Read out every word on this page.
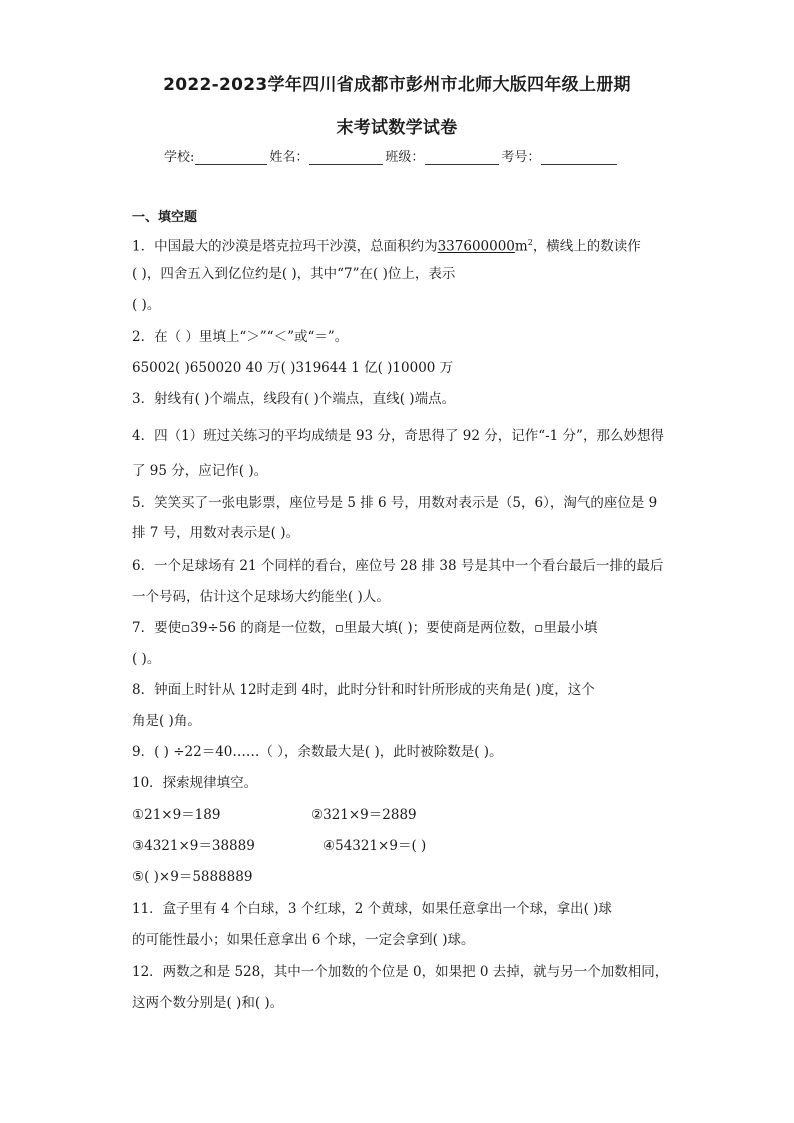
2022-2023学年四川省成都市彭州市北师大版四年级上册期
末考试数学试卷
学校:	姓名：	班级：	考号：
一、填空题
1．中国最大的沙漠是塔克拉玛干沙漠，总面积约为$337600000m^2$，横线上的数读作
( )，四舍五入到亿位约是( )，其中“7”在( )位上，表示
( )。
2．在（ ）里填上“＞”“＜”或“＝”。
65002( )650020 40 万( )319644 1 亿( )10000 万
3．射线有( )个端点，线段有( )个端点，直线( )端点。
4．四（1）班过关练习的平均成绩是 93 分，奇思得了 92 分，记作“-1 分”，那么妙想得
了 95 分，应记作( )。
5．笑笑买了一张电影票，座位号是 5 排 6 号，用数对表示是（5，6），淘气的座位是 9
排 7 号，用数对表示是( )。
6．一个足球场有 21 个同样的看台，座位号 28 排 38 号是其中一个看台最后一排的最后
一个号码，估计这个足球场大约能坐( )人。
7．要使▫39÷56 的商是一位数，▫里最大填( )；要使商是两位数，▫里最小填
( )。
8．钟面上时针从 12时走到 4时，此时分针和时针所形成的夹角是( )度，这个
角是( )角。
9．( ) ÷22＝40……（ ），余数最大是( )，此时被除数是( )。
10．探索规律填空。
①21×9＝189	②321×9＝2889
③4321×9＝38889	④54321×9＝( )
⑤( )×9＝5888889
11．盒子里有 4 个白球，3 个红球，2 个黄球，如果任意拿出一个球，拿出( )球
的可能性最小；如果任意拿出 6 个球，一定会拿到( )球。
12．两数之和是 528，其中一个加数的个位是 0，如果把 0 去掉，就与另一个加数相同，
这两个数分别是( )和( )。
